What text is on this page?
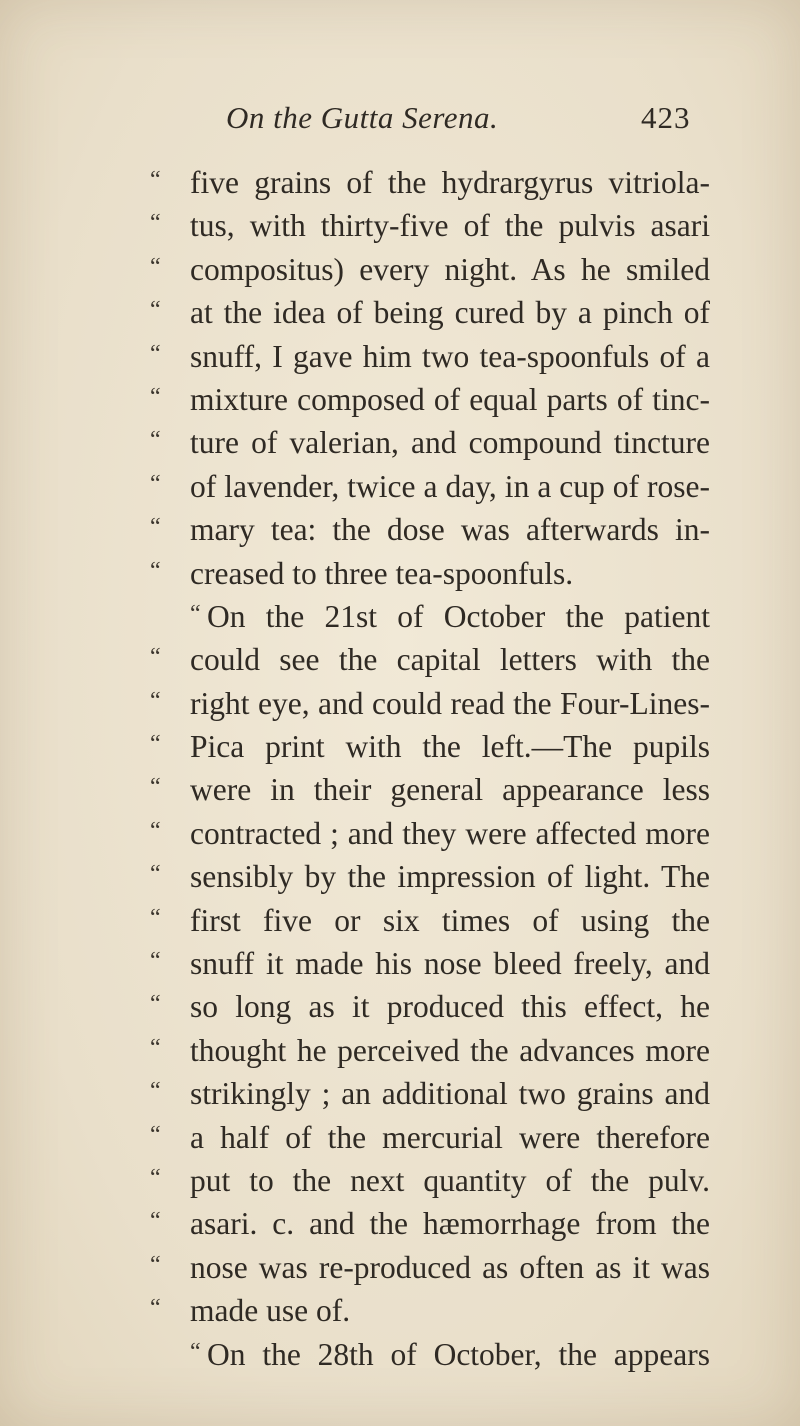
On the Gutta Serena.	423
“ five grains of the hydrargyrus vitriola-
“ tus, with thirty-five of the pulvis asari
“ compositus) every night. As he smiled
“ at the idea of being cured by a pinch of
“ snuff, I gave him two tea-spoonfuls of a
“ mixture composed of equal parts of tinc-
“ ture of valerian, and compound tincture
“ of lavender, twice a day, in a cup of rose-
“ mary tea: the dose was afterwards in-
“ creased to three tea-spoonfuls.
“ On the 21st of October the patient
“ could see the capital letters with the
“ right eye, and could read the Four-Lines-
“ Pica print with the left.—The pupils
“ were in their general appearance less
“ contracted ; and they were affected more
“ sensibly by the impression of light. The
“ first five or six times of using the
“ snuff it made his nose bleed freely, and
“ so long as it produced this effect, he
“ thought he perceived the advances more
“ strikingly ; an additional two grains and
“ a half of the mercurial were therefore
“ put to the next quantity of the pulv.
“ asari. c. and the hæmorrhage from the
“ nose was re-produced as often as it was
“ made use of.
“ On the 28th of October, the appears
